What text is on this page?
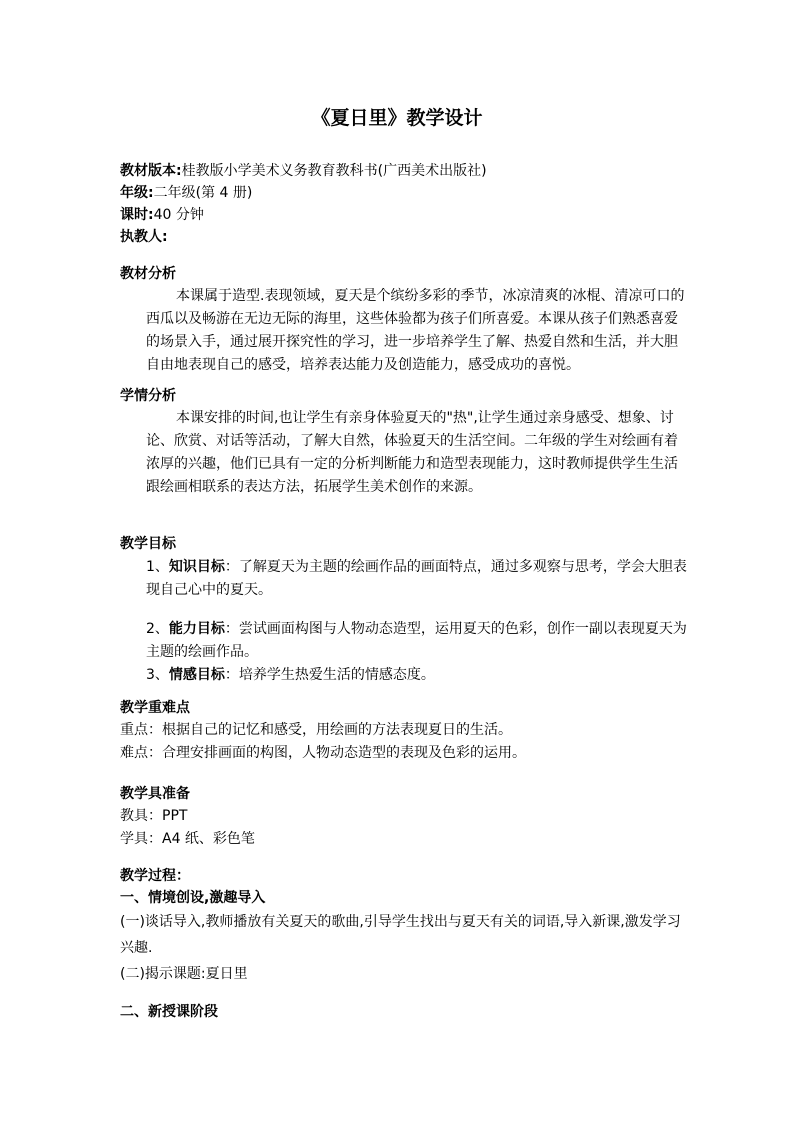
《夏日里》教学设计
教材版本:桂教版小学美术义务教育教科书(广西美术出版社)
年级:二年级(第 4 册)
课时:40 分钟
执教人:
教材分析
本课属于造型.表现领域，夏天是个缤纷多彩的季节，冰凉清爽的冰棍、清凉可口的西瓜以及畅游在无边无际的海里，这些体验都为孩子们所喜爱。本课从孩子们熟悉喜爱的场景入手，通过展开探究性的学习，进一步培养学生了解、热爱自然和生活，并大胆自由地表现自己的感受，培养表达能力及创造能力，感受成功的喜悦。
学情分析
本课安排的时间,也让学生有亲身体验夏天的"热",让学生通过亲身感受、想象、讨论、欣赏、对话等活动，了解大自然，体验夏天的生活空间。二年级的学生对绘画有着浓厚的兴趣，他们已具有一定的分析判断能力和造型表现能力，这时教师提供学生生活跟绘画相联系的表达方法，拓展学生美术创作的来源。
教学目标
1、知识目标：了解夏天为主题的绘画作品的画面特点，通过多观察与思考，学会大胆表现自己心中的夏天。
2、能力目标：尝试画面构图与人物动态造型，运用夏天的色彩，创作一副以表现夏天为主题的绘画作品。
3、情感目标：培养学生热爱生活的情感态度。
教学重难点
重点：根据自己的记忆和感受，用绘画的方法表现夏日的生活。
难点：合理安排画面的构图，人物动态造型的表现及色彩的运用。
教学具准备
教具：PPT
学具：A4 纸、彩色笔
教学过程：
一、情境创设,激趣导入
(一)谈话导入,教师播放有关夏天的歌曲,引导学生找出与夏天有关的词语,导入新课,激发学习兴趣.
(二)揭示课题:夏日里
二、新授课阶段
